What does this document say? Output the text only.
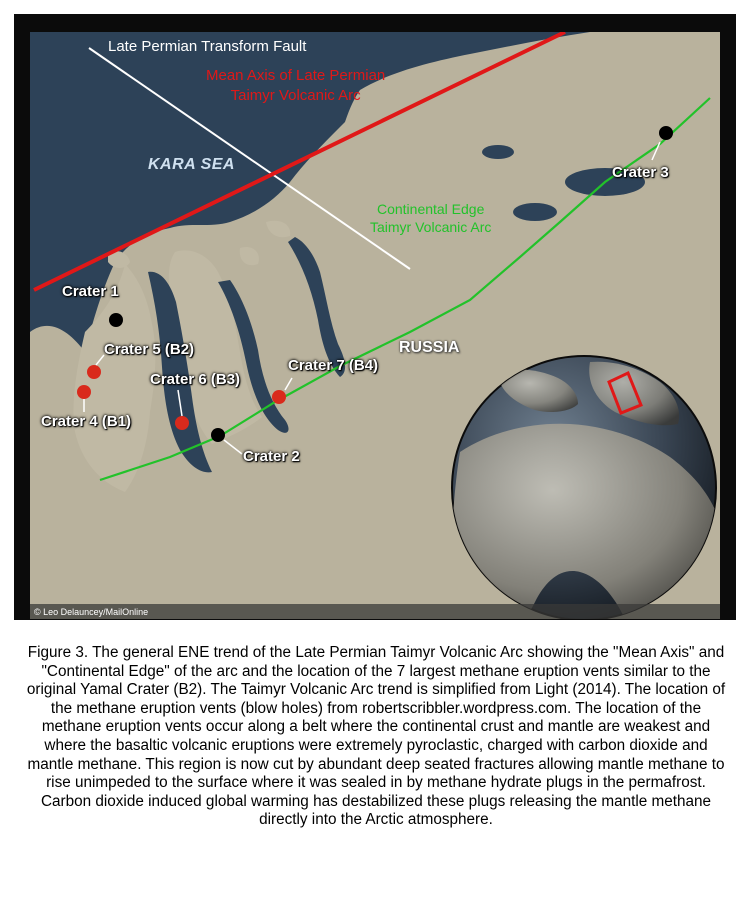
Late Permian Transform Fault
Mean Axis of Late Permian
Taimyr Volcanic Arc
KARA SEA
Continental Edge
Taimyr Volcanic Arc
RUSSIA
Crater 1
Crater 2
Crater 3
Crater 4 (B1)
Crater 5 (B2)
Crater 6 (B3)
Crater 7 (B4)
© Leo Delauncey/MailOnline

Figure 3. The general ENE trend of the Late Permian Taimyr Volcanic Arc showing the "Mean Axis" and "Continental Edge" of the arc and the location of the 7 largest methane eruption vents similar to the original Yamal Crater (B2). The Taimyr Volcanic Arc trend is simplified from Light (2014). The location of the methane eruption vents (blow holes) from robertscribbler.wordpress.com. The location of the methane eruption vents occur along a belt where the continental crust and mantle are weakest and where the basaltic volcanic eruptions were extremely pyroclastic, charged with carbon dioxide and mantle methane. This region is now cut by abundant deep seated fractures allowing mantle methane to rise unimpeded to the surface where it was sealed in by methane hydrate plugs in the permafrost. Carbon dioxide induced global warming has destabilized these plugs releasing the mantle methane directly into the Arctic atmosphere.
